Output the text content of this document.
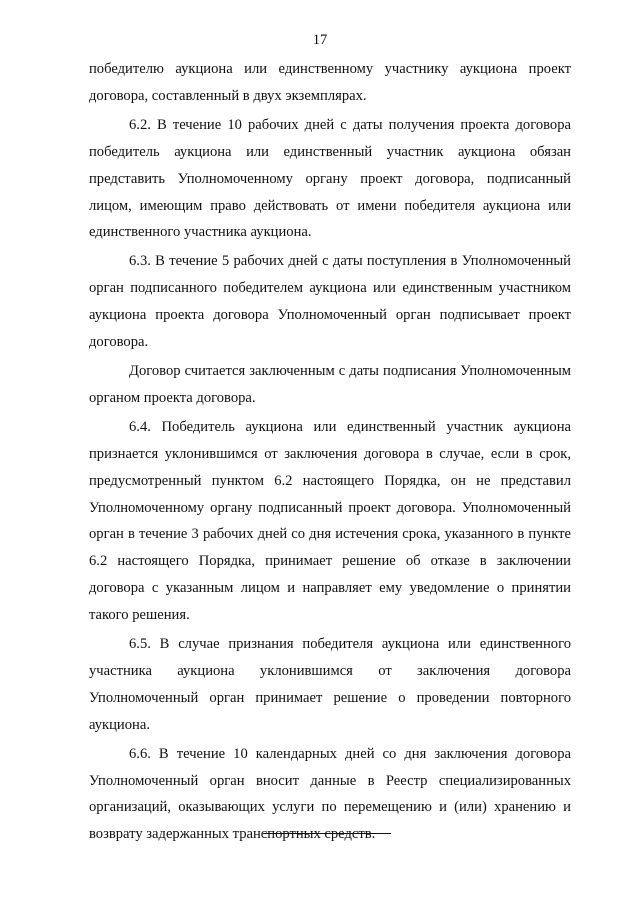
17

победителю аукциона или единственному участнику аукциона проект договора, составленный в двух экземплярах.

6.2. В течение 10 рабочих дней с даты получения проекта договора победитель аукциона или единственный участник аукциона обязан представить Уполномоченному органу проект договора, подписанный лицом, имеющим право действовать от имени победителя аукциона или единственного участника аукциона.

6.3. В течение 5 рабочих дней с даты поступления в Уполномоченный орган подписанного победителем аукциона или единственным участником аукциона проекта договора Уполномоченный орган подписывает проект договора.

Договор считается заключенным с даты подписания Уполномоченным органом проекта договора.

6.4. Победитель аукциона или единственный участник аукциона признается уклонившимся от заключения договора в случае, если в срок, предусмотренный пунктом 6.2 настоящего Порядка, он не представил Уполномоченному органу подписанный проект договора. Уполномоченный орган в течение 3 рабочих дней со дня истечения срока, указанного в пункте 6.2 настоящего Порядка, принимает решение об отказе в заключении договора с указанным лицом и направляет ему уведомление о принятии такого решения.

6.5. В случае признания победителя аукциона или единственного участника аукциона уклонившимся от заключения договора Уполномоченный орган принимает решение о проведении повторного аукциона.

6.6. В течение 10 календарных дней со дня заключения договора Уполномоченный орган вносит данные в Реестр специализированных организаций, оказывающих услуги по перемещению и (или) хранению и возврату задержанных транспортных средств.
